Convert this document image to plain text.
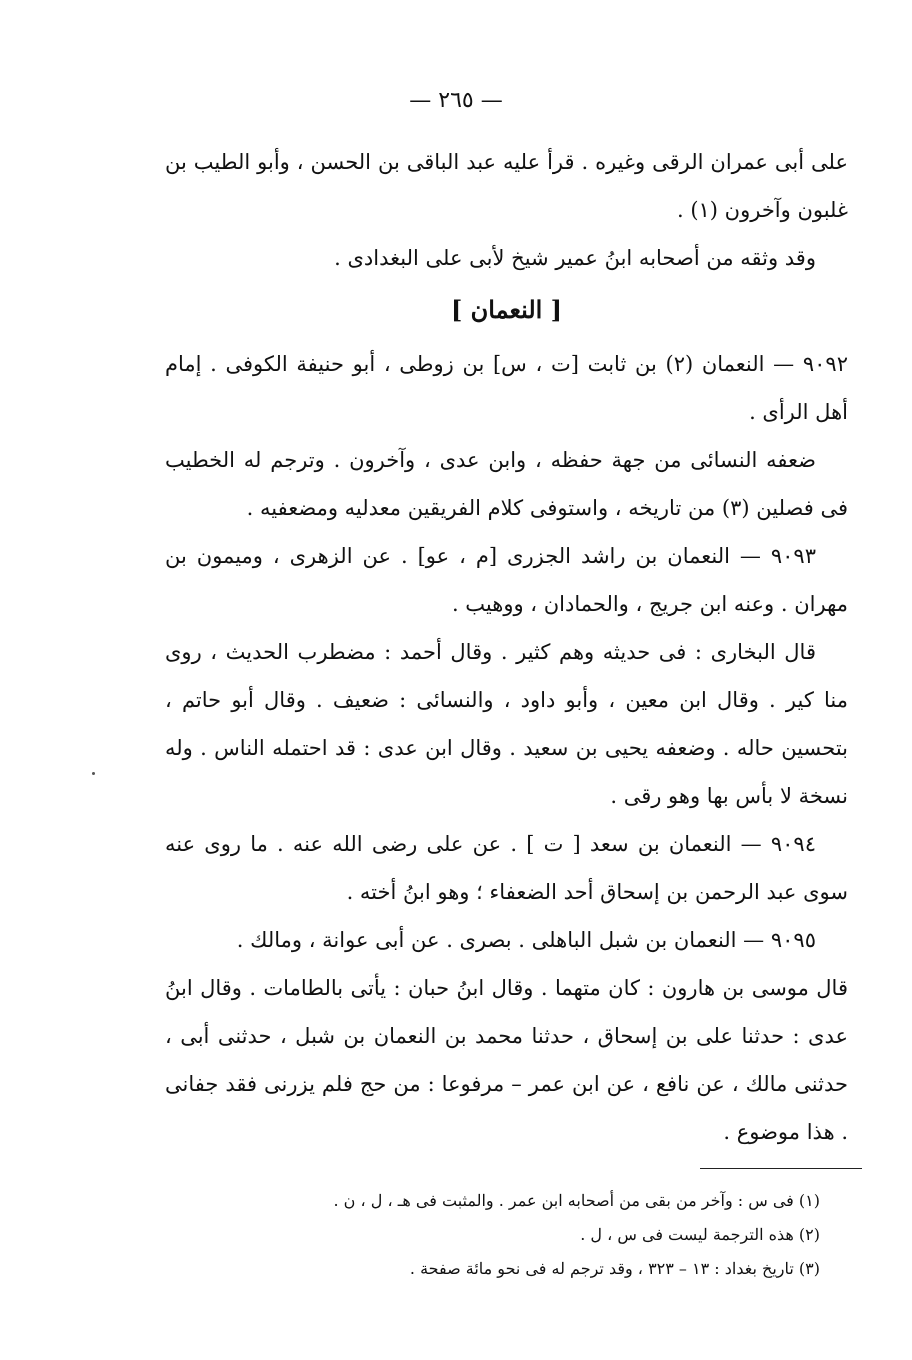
— ٢٦٥ —

على أبى عمران الرقى وغيره . قرأ عليه عبد الباقى بن الحسن ، وأبو الطيب بن غلبون وآخرون (١) .

وقد وثقه من أصحابه ابنُ عمير شيخ لأبى على البغدادى .

[ النعمان ]

٩٠٩٢ — النعمان (٢) بن ثابت [ت ، س] بن زوطى ، أبو حنيفة الكوفى . إمام أهل الرأى .

ضعفه النسائى من جهة حفظه ، وابن عدى ، وآخرون . وترجم له الخطيب فى فصلين (٣) من تاريخه ، واستوفى كلام الفريقين معدليه ومضعفيه .

٩٠٩٣ — النعمان بن راشد الجزرى [م ، عو] . عن الزهرى ، وميمون بن مهران . وعنه ابن جريج ، والحمادان ، ووهيب .

قال البخارى : فى حديثه وهم كثير . وقال أحمد : مضطرب الحديث ، روى منا كير . وقال ابن معين ، وأبو داود ، والنسائى : ضعيف . وقال أبو حاتم ، بتحسين حاله . وضعفه يحيى بن سعيد . وقال ابن عدى : قد احتمله الناس . وله نسخة لا بأس بها وهو رقى .

٩٠٩٤ — النعمان بن سعد [ ت ] . عن على رضى الله عنه . ما روى عنه سوى عبد الرحمن بن إسحاق أحد الضعفاء ؛ وهو ابنُ أخته .

٩٠٩٥ — النعمان بن شبل الباهلى . بصرى . عن أبى عوانة ، ومالك .

قال موسى بن هارون : كان متهما . وقال ابنُ حبان : يأتى بالطامات . وقال ابنُ عدى : حدثنا على بن إسحاق ، حدثنا محمد بن النعمان بن شبل ، حدثنى أبى ، حدثنى مالك ، عن نافع ، عن ابن عمر – مرفوعا : من حج فلم يزرنى فقد جفانى . هذا موضوع .

(١) فى س : وآخر من بقى من أصحابه ابن عمر . والمثبت فى هـ ، ل ، ن .

(٢) هذه الترجمة ليست فى س ، ل .

(٣) تاريخ بغداد : ١٣ – ٣٢٣ ، وقد ترجم له فى نحو مائة صفحة .
